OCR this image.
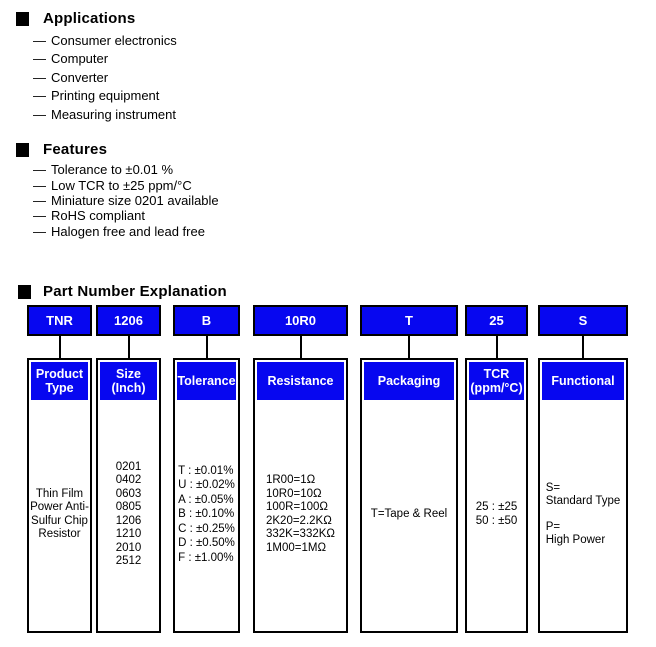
Applications
— Consumer electronics
— Computer
— Converter
— Printing equipment
— Measuring instrument
Features
— Tolerance to ±0.01 %
— Low TCR to ±25 ppm/°C
— Miniature size 0201 available
— RoHS compliant
— Halogen free and lead free
Part Number Explanation
TNR
Product
Type
Thin Film
Power Anti-
Sulfur Chip
Resistor
1206
Size
(Inch)
0201
0402
0603
0805
1206
1210
2010
2512
B
Tolerance
T : ±0.01%
U : ±0.02%
A : ±0.05%
B : ±0.10%
C : ±0.25%
D : ±0.50%
F : ±1.00%
10R0
Resistance
1R00=1Ω
10R0=10Ω
100R=100Ω
2K20=2.2KΩ
332K=332KΩ
1M00=1MΩ
T
Packaging
T=Tape & Reel
25
TCR
(ppm/°C)
25 : ±25
50 : ±50
S
Functional
S=
Standard Type

P=
High Power
